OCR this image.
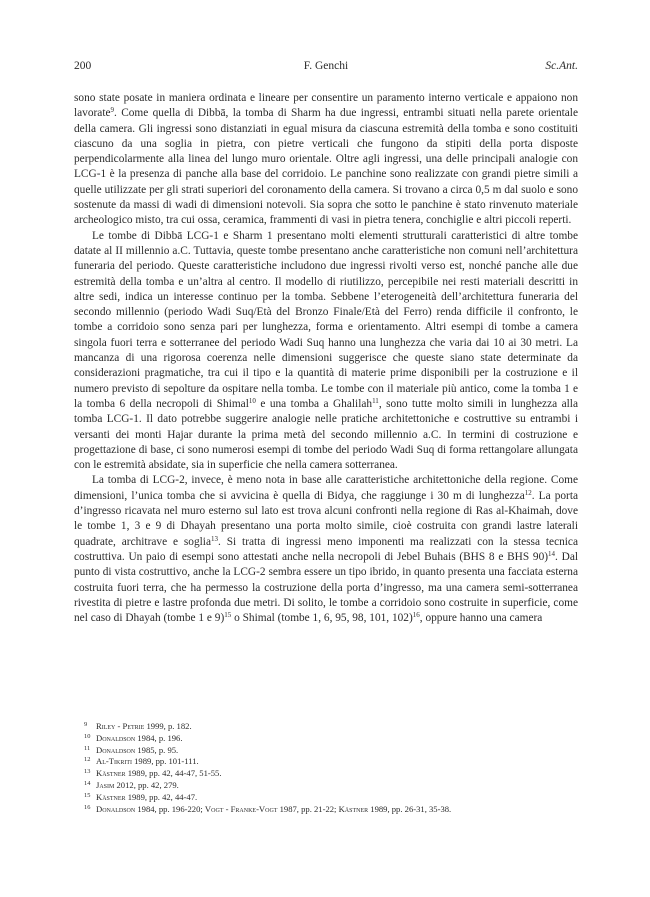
200	F. Genchi	Sc.Ant.

sono state posate in maniera ordinata e lineare per consentire un paramento interno verticale e appaiono non lavorate$^9$. Come quella di Dibbā, la tomba di Sharm ha due ingressi, entrambi situati nella parete orientale della camera. Gli ingressi sono distanziati in egual misura da ciascuna estremità della tomba e sono costituiti ciascuno da una soglia in pietra, con pietre verticali che fungono da stipiti della porta disposte perpendicolarmente alla linea del lungo muro orientale. Oltre agli ingressi, una delle principali analogie con LCG-1 è la presenza di panche alla base del corridoio. Le panchine sono realizzate con grandi pietre simili a quelle utilizzate per gli strati superiori del coronamento della camera. Si trovano a circa 0,5 m dal suolo e sono sostenute da massi di wadi di dimensioni notevoli. Sia sopra che sotto le panchine è stato rinvenuto materiale archeologico misto, tra cui ossa, ceramica, frammenti di vasi in pietra tenera, conchiglie e altri piccoli reperti.

Le tombe di Dibbā LCG-1 e Sharm 1 presentano molti elementi strutturali caratteristici di altre tombe datate al II millennio a.C. Tuttavia, queste tombe presentano anche caratteristiche non comuni nell’architettura funeraria del periodo. Queste caratteristiche includono due ingressi rivolti verso est, nonché panche alle due estremità della tomba e un’altra al centro. Il modello di riutilizzo, percepibile nei resti materiali descritti in altre sedi, indica un interesse continuo per la tomba. Sebbene l’eterogeneità dell’architettura funeraria del secondo millennio (periodo Wadi Suq/Età del Bronzo Finale/Età del Ferro) renda difficile il confronto, le tombe a corridoio sono senza pari per lunghezza, forma e orientamento. Altri esempi di tombe a camera singola fuori terra e sotterranee del periodo Wadi Suq hanno una lunghezza che varia dai 10 ai 30 metri. La mancanza di una rigorosa coerenza nelle dimensioni suggerisce che queste siano state determinate da considerazioni pragmatiche, tra cui il tipo e la quantità di materie prime disponibili per la costruzione e il numero previsto di sepolture da ospitare nella tomba. Le tombe con il materiale più antico, come la tomba 1 e la tomba 6 della necropoli di Shimal$^{10}$ e una tomba a Ghalilah$^{11}$, sono tutte molto simili in lunghezza alla tomba LCG-1. Il dato potrebbe suggerire analogie nelle pratiche architettoniche e costruttive su entrambi i versanti dei monti Hajar durante la prima metà del secondo millennio a.C. In termini di costruzione e progettazione di base, ci sono numerosi esempi di tombe del periodo Wadi Suq di forma rettangolare allungata con le estremità absidate, sia in superficie che nella camera sotterranea.

La tomba di LCG-2, invece, è meno nota in base alle caratteristiche architettoniche della regione. Come dimensioni, l’unica tomba che si avvicina è quella di Bidya, che raggiunge i 30 m di lunghezza$^{12}$. La porta d’ingresso ricavata nel muro esterno sul lato est trova alcuni confronti nella regione di Ras al-Khaimah, dove le tombe 1, 3 e 9 di Dhayah presentano una porta molto simile, cioè costruita con grandi lastre laterali quadrate, architrave e soglia$^{13}$. Si tratta di ingressi meno imponenti ma realizzati con la stessa tecnica costruttiva. Un paio di esempi sono attestati anche nella necropoli di Jebel Buhais (BHS 8 e BHS 90)$^{14}$. Dal punto di vista costruttivo, anche la LCG-2 sembra essere un tipo ibrido, in quanto presenta una facciata esterna costruita fuori terra, che ha permesso la costruzione della porta d’ingresso, ma una camera semi-sotterranea rivestita di pietre e lastre profonda due metri. Di solito, le tombe a corridoio sono costruite in superficie, come nel caso di Dhayah (tombe 1 e 9)$^{15}$ o Shimal (tombe 1, 6, 95, 98, 101, 102)$^{16}$, oppure hanno una camera

9 Riley - Petrie 1999, p. 182.
10 Donaldson 1984, p. 196.
11 Donaldson 1985, p. 95.
12 Al-Tikriti 1989, pp. 101-111.
13 Kästner 1989, pp. 42, 44-47, 51-55.
14 Jasim 2012, pp. 42, 279.
15 Kästner 1989, pp. 42, 44-47.
16 Donaldson 1984, pp. 196-220; Vogt - Franke-Vogt 1987, pp. 21-22; Kästner 1989, pp. 26-31, 35-38.
